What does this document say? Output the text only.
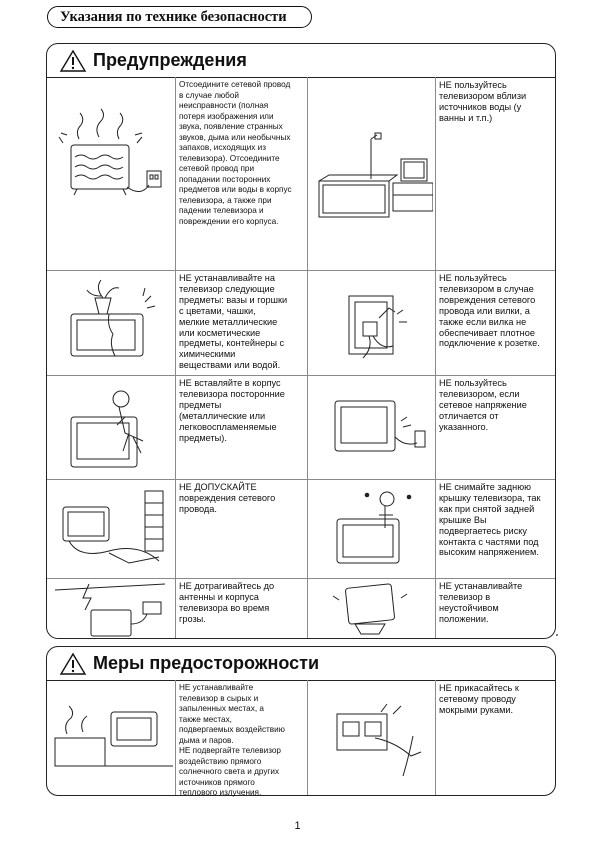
Указания по технике безопасности
Предупреждения
Отсоедините сетевой провод
в случае любой
неисправности (полная
потеря изображения или
звука, появление странных
звуков, дыма или необычных
запахов, исходящих из
телевизора). Отсоедините
сетевой провод при
попадании посторонних
предметов или воды в корпус
телевизора, а также при
падении телевизора и
повреждении его корпуса.
НЕ пользуйтесь
телевизором вблизи
источников воды (у
ванны и т.п.)
НЕ устанавливайте на
телевизор следующие
предметы: вазы и горшки
с цветами, чашки,
мелкие металлические
или косметические
предметы, контейнеры с
химическими
веществами или водой.
НЕ пользуйтесь
телевизором в случае
повреждения сетевого
провода или вилки, а
также если вилка не
обеспечивает плотное
подключение к розетке.
НЕ вставляйте в корпус
телевизора посторонние
предметы
(металлические или
легковоспламеняемые
предметы).
НЕ пользуйтесь
телевизором, если
сетевое напряжение
отличается от
указанного.
НЕ ДОПУСКАЙТЕ
повреждения сетевого
провода.
НЕ снимайте заднюю
крышку телевизора, так
как при снятой задней
крышке Вы
подвергаетесь риску
контакта с частями под
высоким напряжением.
НЕ дотрагивайтесь до
антенны и корпуса
телевизора во время
грозы.
НЕ устанавливайте
телевизор в
неустойчивом
положении.
Меры предосторожности
НЕ устанавливайте
телевизор в сырых и
запыленных местах, а
также местах,
подвергаемых воздействию
дыма и паров.
НЕ подвергайте телевизор
воздействию прямого
солнечного света и других
источников прямого
теплового излучения.
НЕ прикасайтесь к
сетевому проводу
мокрыми руками.
1
